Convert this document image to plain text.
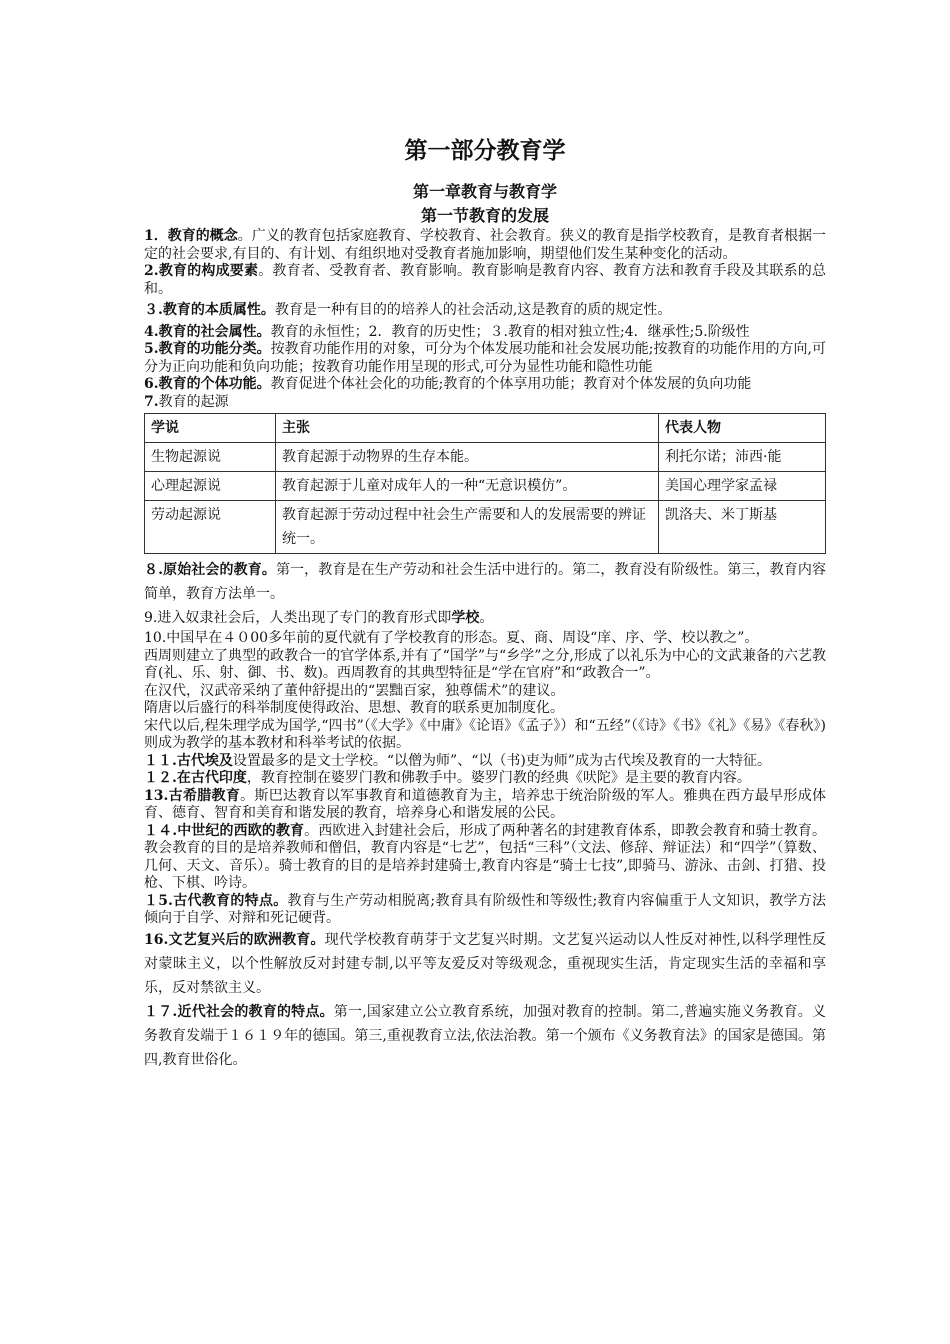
第一部分教育学
第一章教育与教育学
第一节教育的发展

1．教育的概念。广义的教育包括家庭教育、学校教育、社会教育。狭义的教育是指学校教育，是教育者根据一定的社会要求,有目的、有计划、有组织地对受教育者施加影响，期望他们发生某种变化的活动。

2.教育的构成要素。教育者、受教育者、教育影响。教育影响是教育内容、教育方法和教育手段及其联系的总和。

３.教育的本质属性。教育是一种有目的的培养人的社会活动,这是教育的质的规定性。

4.教育的社会属性。教育的永恒性；2．教育的历史性；３.教育的相对独立性;4．继承性;5.阶级性

5.教育的功能分类。按教育功能作用的对象，可分为个体发展功能和社会发展功能;按教育的功能作用的方向,可分为正向功能和负向功能；按教育功能作用呈现的形式,可分为显性功能和隐性功能

6.教育的个体功能。教育促进个体社会化的功能;教育的个体享用功能；教育对个体发展的负向功能

7.教育的起源

学说	主张	代表人物
生物起源说	教育起源于动物界的生存本能。	利托尔诺；沛西·能
心理起源说	教育起源于儿童对成年人的一种“无意识模仿”。	美国心理学家孟禄
劳动起源说	教育起源于劳动过程中社会生产需要和人的发展需要的辨证统一。	凯洛夫、米丁斯基

８.原始社会的教育。第一，教育是在生产劳动和社会生活中进行的。第二，教育没有阶级性。第三，教育内容简单，教育方法单一。

9.进入奴隶社会后，人类出现了专门的教育形式即学校。

10.中国早在４０00多年前的夏代就有了学校教育的形态。夏、商、周设“庠、序、学、校以教之”。

西周则建立了典型的政教合一的官学体系,并有了“国学”与“乡学”之分,形成了以礼乐为中心的文武兼备的六艺教育(礼、乐、射、御、书、数)。西周教育的其典型特征是“学在官府”和“政教合一”。

在汉代，汉武帝采纳了董仲舒提出的“罢黜百家，独尊儒术”的建议。

隋唐以后盛行的科举制度使得政治、思想、教育的联系更加制度化。

宋代以后,程朱理学成为国学,“四书”（《大学》《中庸》《论语》《孟子》）和“五经”（《诗》《书》《礼》《易》《春秋》)则成为教学的基本教材和科举考试的依据。

１１.古代埃及设置最多的是文士学校。“以僧为师”、“以（书)吏为师”成为古代埃及教育的一大特征。

１２.在古代印度，教育控制在婆罗门教和佛教手中。婆罗门教的经典《吠陀》是主要的教育内容。

13.古希腊教育。斯巴达教育以军事教育和道德教育为主，培养忠于统治阶级的军人。雅典在西方最早形成体育、德育、智育和美育和谐发展的教育，培养身心和谐发展的公民。

１４.中世纪的西欧的教育。西欧进入封建社会后，形成了两种著名的封建教育体系，即教会教育和骑士教育。教会教育的目的是培养教师和僧侣，教育内容是“七艺”，包括“三科”（文法、修辞、辩证法）和“四学”（算数、几何、天文、音乐）。骑士教育的目的是培养封建骑士,教育内容是“骑士七技”,即骑马、游泳、击剑、打猎、投枪、下棋、吟诗。

１5.古代教育的特点。教育与生产劳动相脱离;教育具有阶级性和等级性;教育内容偏重于人文知识，教学方法倾向于自学、对辩和死记硬背。

16.文艺复兴后的欧洲教育。现代学校教育萌芽于文艺复兴时期。文艺复兴运动以人性反对神性,以科学理性反对蒙昧主义，以个性解放反对封建专制,以平等友爱反对等级观念，重视现实生活，肯定现实生活的幸福和享乐，反对禁欲主义。

１７.近代社会的教育的特点。第一,国家建立公立教育系统，加强对教育的控制。第二,普遍实施义务教育。义务教育发端于１６１９年的德国。第三,重视教育立法,依法治教。第一个颁布《义务教育法》的国家是德国。第四,教育世俗化。
